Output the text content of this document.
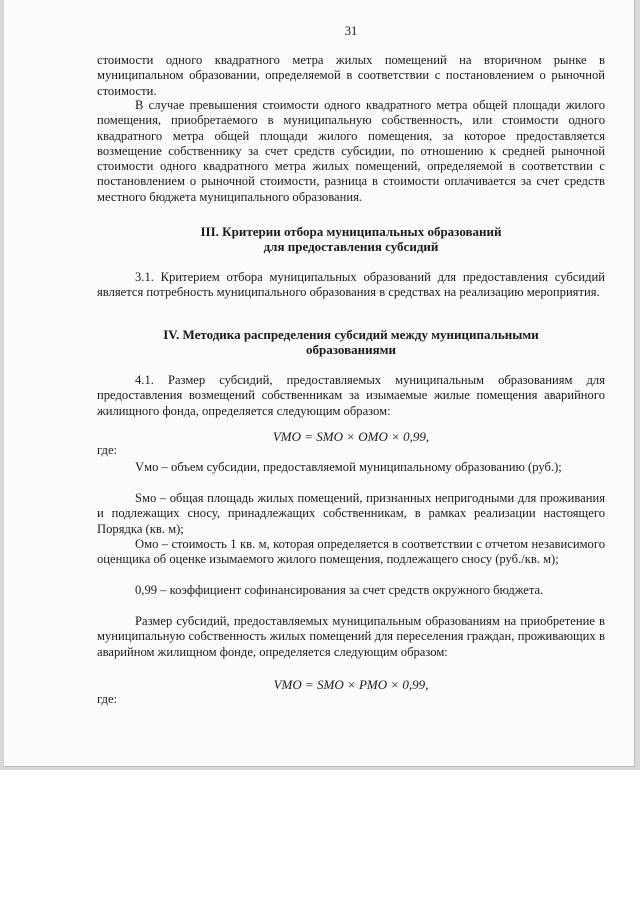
31

стоимости одного квадратного метра жилых помещений на вторичном рынке в муниципальном образовании, определяемой в соответствии с постановлением о рыночной стоимости.

В случае превышения стоимости одного квадратного метра общей площади жилого помещения, приобретаемого в муниципальную собственность, или стоимости одного квадратного метра общей площади жилого помещения, за которое предоставляется возмещение собственнику за счет средств субсидии, по отношению к средней рыночной стоимости одного квадратного метра жилых помещений, определяемой в соответствии с постановлением о рыночной стоимости, разница в стоимости оплачивается за счет средств местного бюджета муниципального образования.

III. Критерии отбора муниципальных образований
для предоставления субсидий

3.1. Критерием отбора муниципальных образований для предоставления субсидий является потребность муниципального образования в средствах на реализацию мероприятия.

IV. Методика распределения субсидий между муниципальными
образованиями

4.1. Размер субсидий, предоставляемых муниципальным образованиям для предоставления возмещений собственникам за изымаемые жилые помещения аварийного жилищного фонда, определяется следующим образом:

VМО = SМО × ОМО × 0,99,
где:

Vмо – объем субсидии, предоставляемой муниципальному образованию (руб.);

Sмо – общая площадь жилых помещений, признанных непригодными для проживания и подлежащих сносу, принадлежащих собственникам, в рамках реализации настоящего Порядка (кв. м);

Омо – стоимость 1 кв. м, которая определяется в соответствии с отчетом независимого оценщика об оценке изымаемого жилого помещения, подлежащего сносу (руб./кв. м);

0,99 – коэффициент софинансирования за счет средств окружного бюджета.

Размер субсидий, предоставляемых муниципальным образованиям на приобретение в муниципальную собственность жилых помещений для переселения граждан, проживающих в аварийном жилищном фонде, определяется следующим образом:

VМО = SМО × PМО × 0,99,
где:
